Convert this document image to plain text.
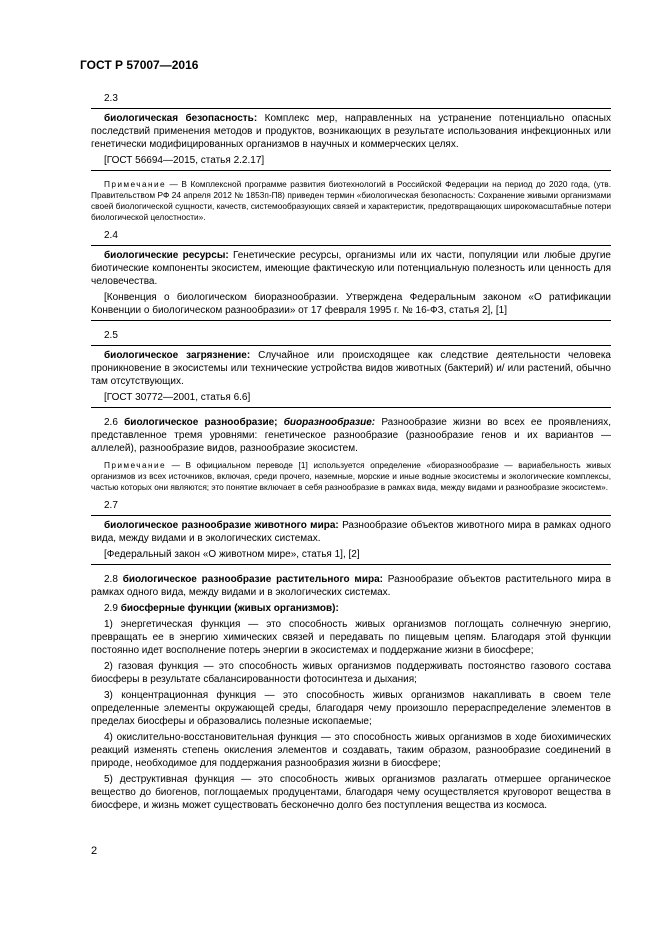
ГОСТ Р 57007—2016
2.3

биологическая безопасность: Комплекс мер, направленных на устранение потенциально опасных последствий применения методов и продуктов, возникающих в результате использования инфекционных или генетически модифицированных организмов в научных и коммерческих целях.

[ГОСТ 56694—2015, статья 2.2.17]

Примечание — В Комплексной программе развития биотехнологий в Российской Федерации на период до 2020 года, (утв. Правительством РФ 24 апреля 2012 № 1853п-П8) приведен термин «биологическая безопасность: Сохранение живыми организмами своей биологической сущности, качеств, системообразующих связей и характеристик, предотвращающих широкомасштабные потери биологической целостности».

2.4

биологические ресурсы: Генетические ресурсы, организмы или их части, популяции или любые другие биотические компоненты экосистем, имеющие фактическую или потенциальную полезность или ценность для человечества.

[Конвенция о биологическом биоразнообразии. Утверждена Федеральным законом «О ратификации Конвенции о биологическом разнообразии» от 17 февраля 1995 г. № 16-ФЗ, статья 2], [1]

2.5

биологическое загрязнение: Случайное или происходящее как следствие деятельности человека проникновение в экосистемы или технические устройства видов животных (бактерий) и/ или растений, обычно там отсутствующих.

[ГОСТ 30772—2001, статья 6.6]

2.6 биологическое разнообразие; биоразнообразие: Разнообразие жизни во всех ее проявлениях, представленное тремя уровнями: генетическое разнообразие (разнообразие генов и их вариантов — аллелей), разнообразие видов, разнообразие экосистем.

Примечание — В официальном переводе [1] используется определение «биоразнообразие — вариабельность живых организмов из всех источников, включая, среди прочего, наземные, морские и иные водные экосистемы и экологические комплексы, частью которых они являются; это понятие включает в себя разнообразие в рамках вида, между видами и разнообразие экосистем».

2.7

биологическое разнообразие животного мира: Разнообразие объектов животного мира в рамках одного вида, между видами и в экологических системах.

[Федеральный закон «О животном мире», статья 1], [2]

2.8 биологическое разнообразие растительного мира: Разнообразие объектов растительного мира в рамках одного вида, между видами и в экологических системах.

2.9 биосферные функции (живых организмов):

1) энергетическая функция — это способность живых организмов поглощать солнечную энергию, превращать ее в энергию химических связей и передавать по пищевым цепям. Благодаря этой функции постоянно идет восполнение потерь энергии в экосистемах и поддержание жизни в биосфере;

2) газовая функция — это способность живых организмов поддерживать постоянство газового состава биосферы в результате сбалансированности фотосинтеза и дыхания;

3) концентрационная функция — это способность живых организмов накапливать в своем теле определенные элементы окружающей среды, благодаря чему произошло перераспределение элементов в пределах биосферы и образовались полезные ископаемые;

4) окислительно-восстановительная функция — это способность живых организмов в ходе биохимических реакций изменять степень окисления элементов и создавать, таким образом, разнообразие соединений в природе, необходимое для поддержания разнообразия жизни в биосфере;

5) деструктивная функция — это способность живых организмов разлагать отмершее органическое вещество до биогенов, поглощаемых продуцентами, благодаря чему осуществляется круговорот вещества в биосфере, и жизнь может существовать бесконечно долго без поступления вещества из космоса.

2
